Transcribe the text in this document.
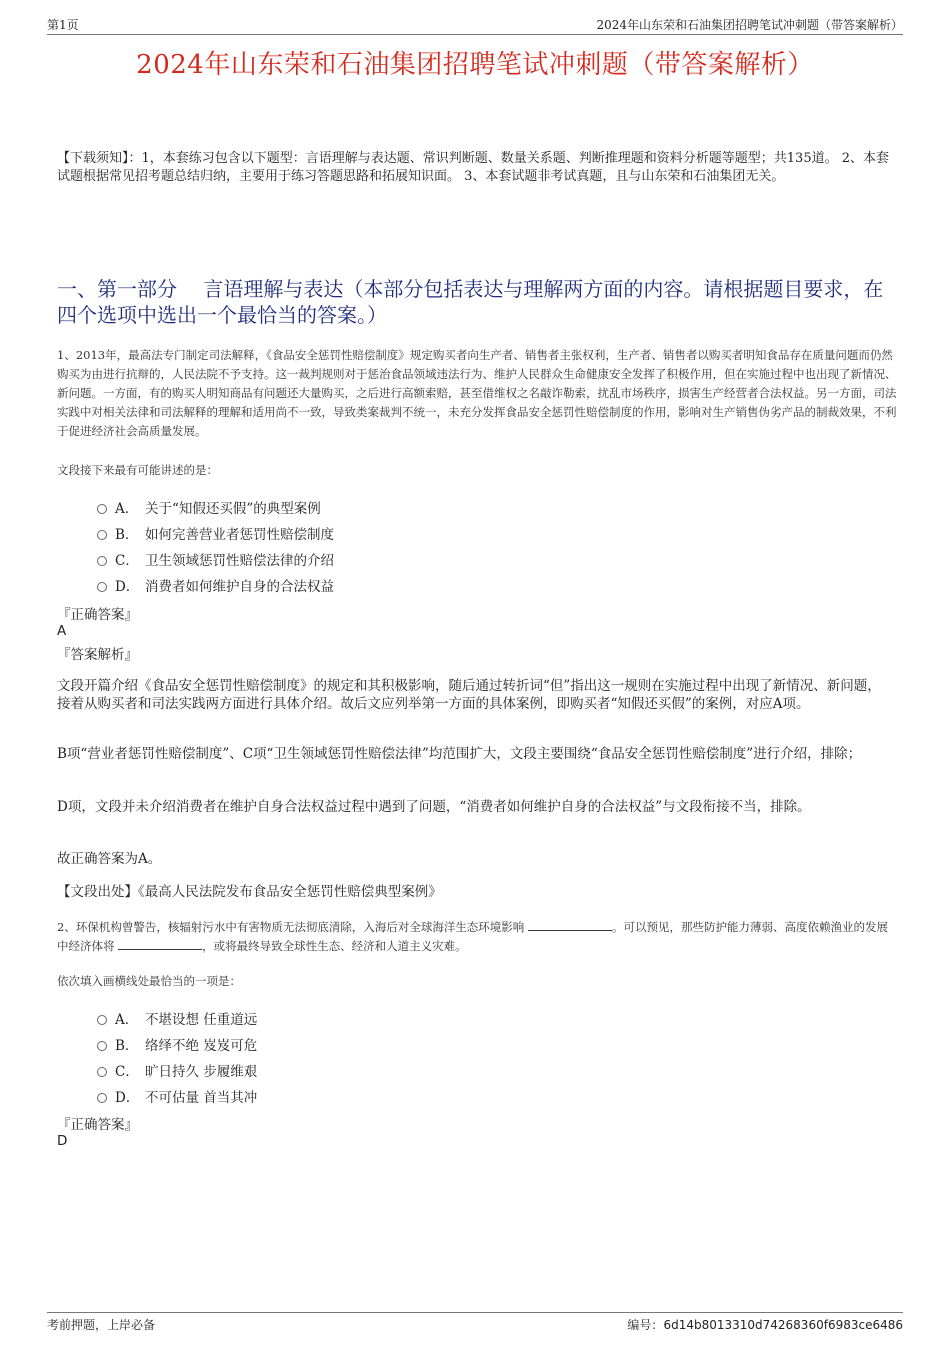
第1页	2024年山东荣和石油集团招聘笔试冲刺题（带答案解析）
2024年山东荣和石油集团招聘笔试冲刺题（带答案解析）
【下载须知】：1，本套练习包含以下题型：言语理解与表达题、常识判断题、数量关系题、判断推理题和资料分析题等题型；共135道。 2、本套试题根据常见招考题总结归纳，主要用于练习答题思路和拓展知识面。 3、本套试题非考试真题，且与山东荣和石油集团无关。
一、第一部分　 言语理解与表达（本部分包括表达与理解两方面的内容。请根据题目要求，在四个选项中选出一个最恰当的答案。）
1、2013年，最高法专门制定司法解释，《食品安全惩罚性赔偿制度》规定购买者向生产者、销售者主张权利，生产者、销售者以购买者明知食品存在质量问题而仍然购买为由进行抗辩的，人民法院不予支持。这一裁判规则对于惩治食品领域违法行为、维护人民群众生命健康安全发挥了积极作用，但在实施过程中也出现了新情况、新问题。一方面，有的购买人明知商品有问题还大量购买，之后进行高额索赔，甚至借维权之名敲诈勒索，扰乱市场秩序，损害生产经营者合法权益。另一方面，司法实践中对相关法律和司法解释的理解和适用尚不一致，导致类案裁判不统一，未充分发挥食品安全惩罚性赔偿制度的作用，影响对生产销售伪劣产品的制裁效果，不利于促进经济社会高质量发展。
文段接下来最有可能讲述的是：
A． 关于“知假还买假”的典型案例
B． 如何完善营业者惩罚性赔偿制度
C． 卫生领域惩罚性赔偿法律的介绍
D． 消费者如何维护自身的合法权益
『正确答案』
A
『答案解析』
文段开篇介绍《食品安全惩罚性赔偿制度》的规定和其积极影响，随后通过转折词“但”指出这一规则在实施过程中出现了新情况、新问题，接着从购买者和司法实践两方面进行具体介绍。故后文应列举第一方面的具体案例，即购买者“知假还买假”的案例，对应A项。
B项“营业者惩罚性赔偿制度”、C项“卫生领域惩罚性赔偿法律”均范围扩大，文段主要围绕“食品安全惩罚性赔偿制度”进行介绍，排除；
D项，文段并未介绍消费者在维护自身合法权益过程中遇到了问题，“消费者如何维护自身的合法权益”与文段衔接不当，排除。
故正确答案为A。
【文段出处】《最高人民法院发布食品安全惩罚性赔偿典型案例》
2、环保机构曾警告，核辐射污水中有害物质无法彻底清除，入海后对全球海洋生态环境影响	。可以预见，那些防护能力薄弱、高度依赖渔业的发展中经济体将	，或将最终导致全球性生态、经济和人道主义灾难。
依次填入画横线处最恰当的一项是：
A． 不堪设想 任重道远
B． 络绎不绝 岌岌可危
C． 旷日持久 步履维艰
D． 不可估量 首当其冲
『正确答案』
D
考前押题，上岸必备	编号：6d14b8013310d74268360f6983ce6486
